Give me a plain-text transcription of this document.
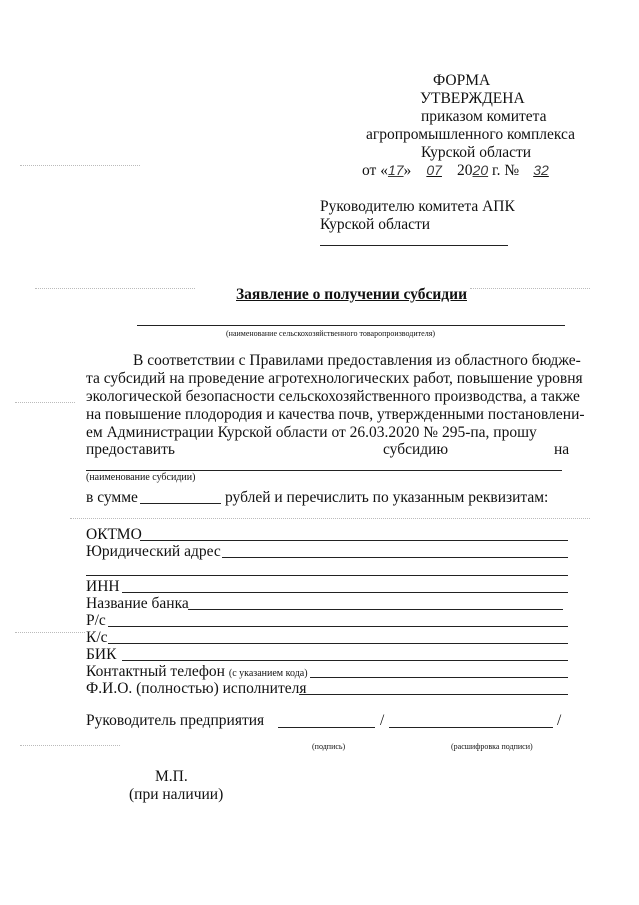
ФОРМА
УТВЕРЖДЕНА
приказом комитета
агропромышленного комплекса
Курской области
от «17» 07 2020 г. № 32
Руководителю комитета АПК
Курской области
Заявление о получении субсидии
(наименование сельскохозяйственного товаропроизводителя)
В соответствии с Правилами предоставления из областного бюдже-
та субсидий на проведение агротехнологических работ, повышение уровня
экологической безопасности сельскохозяйственного производства, а также
на повышение плодородия и качества почв, утвержденными постановлени-
ем Администрации Курской области от 26.03.2020 № 295-па, прошу
предоставить	субсидию	на
(наименование субсидии)
в сумме	рублей и перечислить по указанным реквизитам:
ОКТМО
Юридический адрес
ИНН
Название банка
Р/с
К/с
БИК
Контактный телефон (с указанием кода)
Ф.И.О. (полностью) исполнителя
Руководитель предприятия	/	/
(подпись)	(расшифровка подписи)
М.П.
(при наличии)
